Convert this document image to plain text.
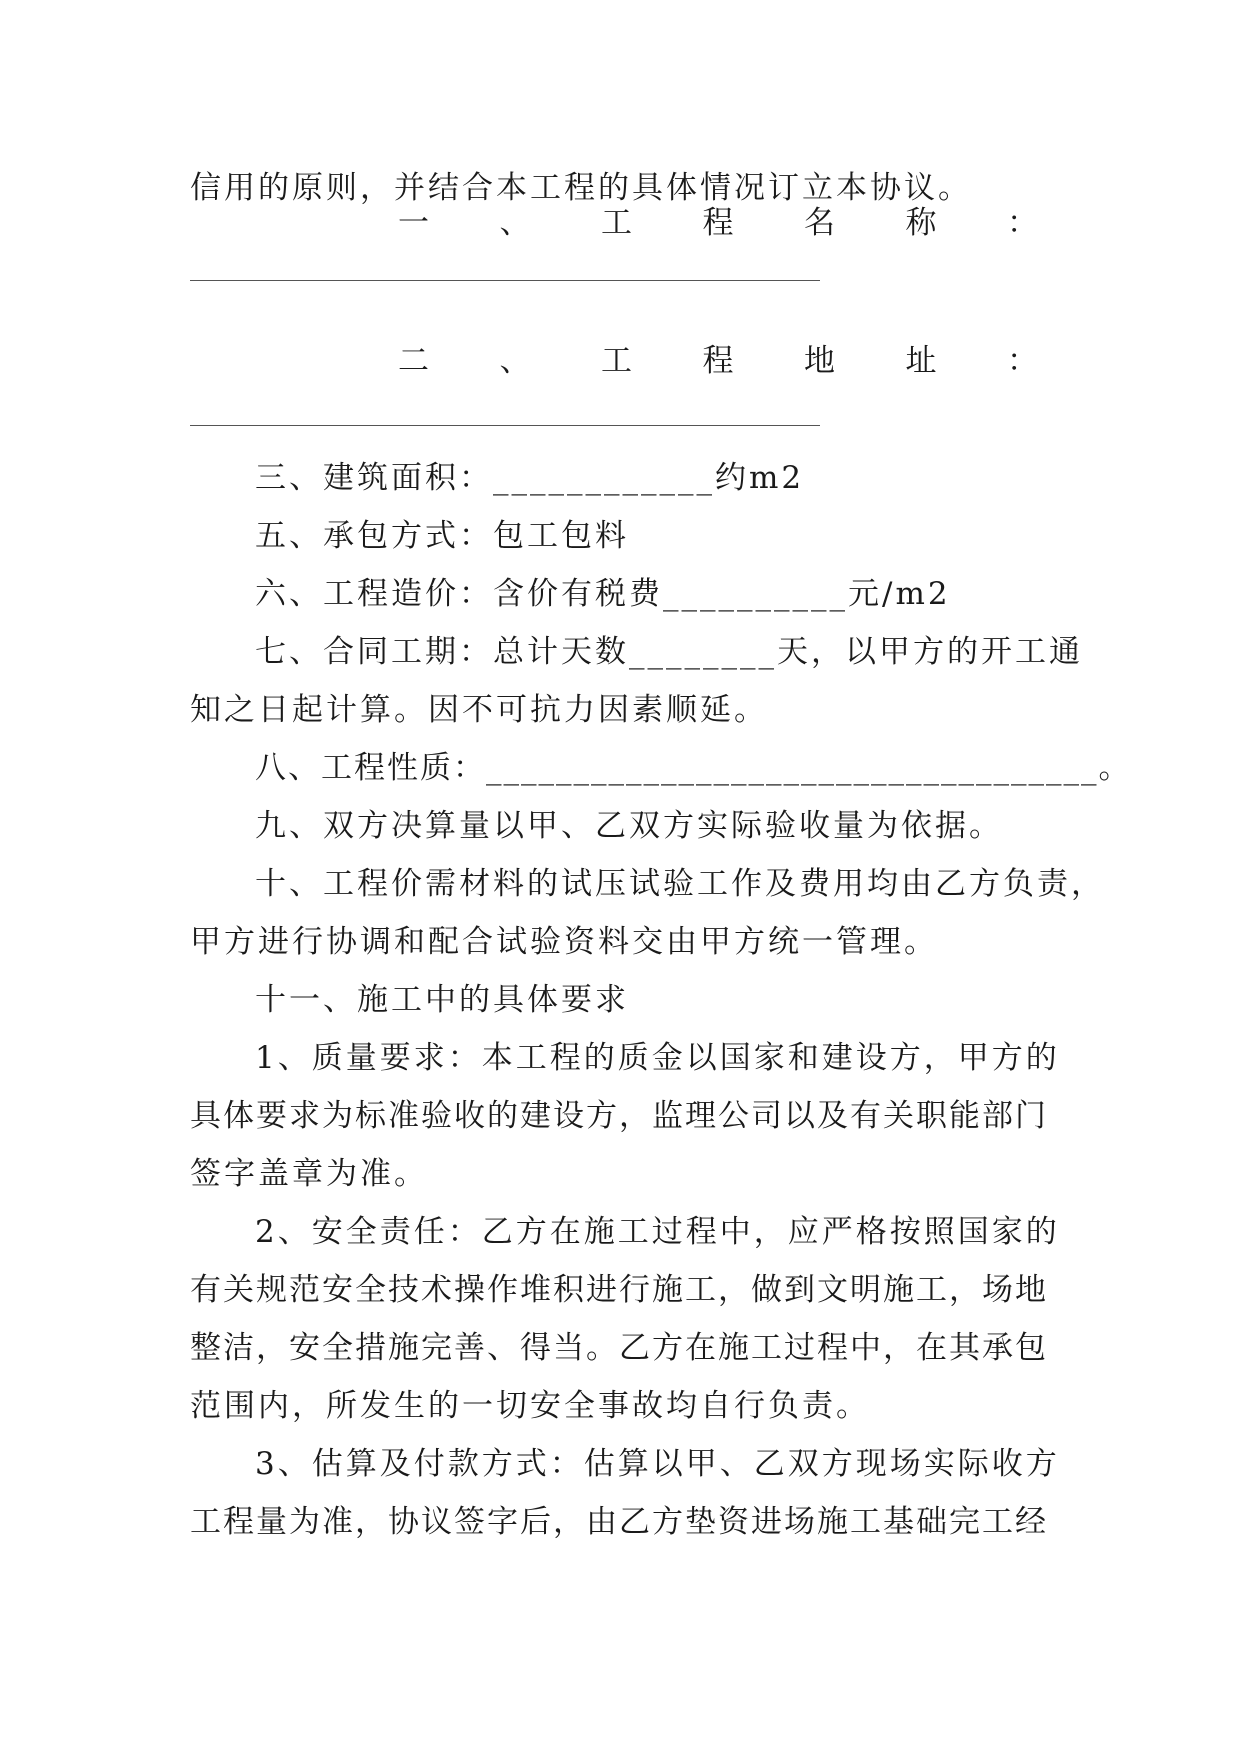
信用的原则，并结合本工程的具体情况订立本协议。
一 、 工 程 名 称 ：
二 、 工 程 地 址 ：
三、建筑面积：____________约m2
五、承包方式：包工包料
六、工程造价：含价有税费__________元/m2
七、合同工期：总计天数________天，以甲方的开工通
知之日起计算。因不可抗力因素顺延。
八、工程性质：___________________________________。
九、双方决算量以甲、乙双方实际验收量为依据。
十、工程价需材料的试压试验工作及费用均由乙方负责，
甲方进行协调和配合试验资料交由甲方统一管理。
十一、施工中的具体要求
1、质量要求：本工程的质金以国家和建设方，甲方的
具体要求为标准验收的建设方，监理公司以及有关职能部门
签字盖章为准。
2、安全责任：乙方在施工过程中，应严格按照国家的
有关规范安全技术操作堆积进行施工，做到文明施工，场地
整洁，安全措施完善、得当。乙方在施工过程中，在其承包
范围内，所发生的一切安全事故均自行负责。
3、估算及付款方式：估算以甲、乙双方现场实际收方
工程量为准，协议签字后，由乙方垫资进场施工基础完工经
